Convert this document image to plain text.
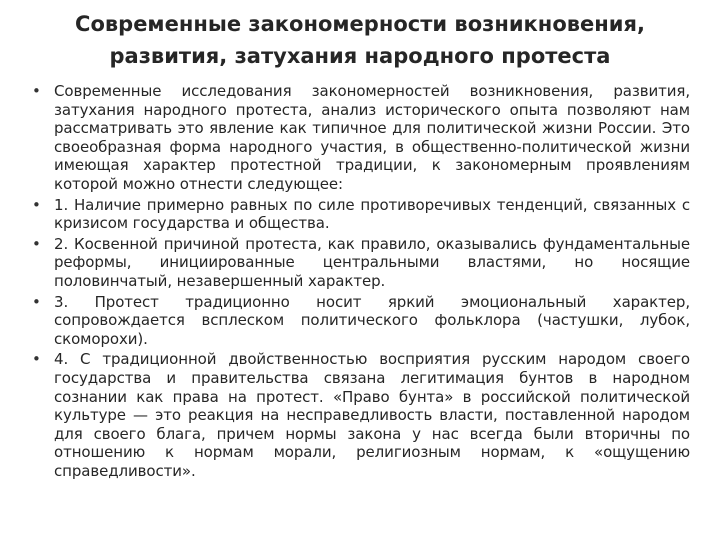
Современные закономерности возникновения,
развития, затухания народного протеста
• Современные исследования закономерностей возникновения, развития, затухания народного протеста, анализ исторического опыта позволяют нам рассматривать это явление как типичное для политической жизни России. Это своеобразная форма народного участия, в общественно-политической жизни имеющая характер протестной традиции, к закономерным проявлениям которой можно отнести следующее:
• 1. Наличие примерно равных по силе противоречивых тенденций, связанных с кризисом государства и общества.
• 2. Косвенной причиной протеста, как правило, оказывались фундаментальные реформы, инициированные центральными властями, но носящие половинчатый, незавершенный характер.
• 3. Протест традиционно носит яркий эмоциональный характер, сопровождается всплеском политического фольклора (частушки, лубок, скоморохи).
• 4. С традиционной двойственностью восприятия русским народом своего государства и правительства связана легитимация бунтов в народном сознании как права на протест. «Право бунта» в российской политической культуре — это реакция на несправедливость власти, поставленной народом для своего блага, причем нормы закона у нас всегда были вторичны по отношению к нормам морали, религиозным нормам, к «ощущению справедливости».
